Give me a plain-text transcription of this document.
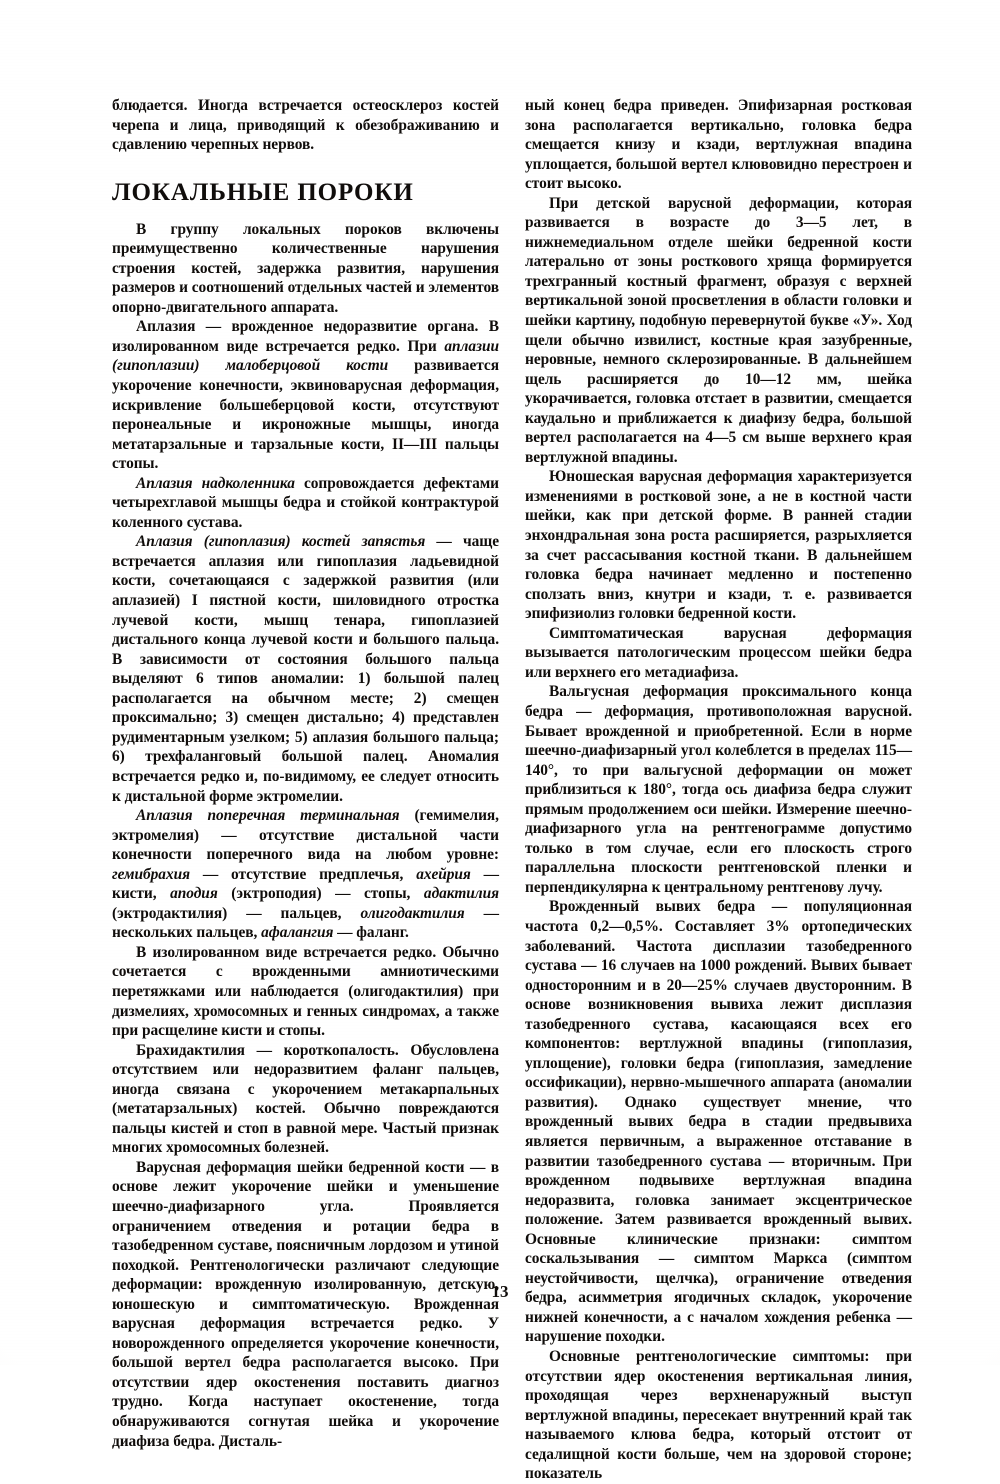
блюдается. Иногда встречается остеосклероз костей черепа и лица, приводящий к обезображиванию и сдавлению черепных нервов.

ЛОКАЛЬНЫЕ ПОРОКИ

В группу локальных пороков включены преимущественно количественные нарушения строения костей, задержка развития, нарушения размеров и соотношений отдельных частей и элементов опорно-двигательного аппарата.

Аплазия — врожденное недоразвитие органа. В изолированном виде встречается редко. При аплазии (гипоплазии) малоберцовой кости развивается укорочение конечности, эквиноварусная деформация, искривление большеберцовой кости, отсутствуют перонеальные и икроножные мышцы, иногда метатарзальные и тарзальные кости, II—III пальцы стопы.

Аплазия надколенника сопровождается дефектами четырехглавой мышцы бедра и стойкой контрактурой коленного сустава.

Аплазия (гипоплазия) костей запястья — чаще встречается аплазия или гипоплазия ладьевидной кости, сочетающаяся с задержкой развития (или аплазией) I пястной кости, шиловидного отростка лучевой кости, мышц тенара, гипоплазией дистального конца лучевой кости и большого пальца. В зависимости от состояния большого пальца выделяют 6 типов аномалии: 1) большой палец располагается на обычном месте; 2) смещен проксимально; 3) смещен дистально; 4) представлен рудиментарным узелком; 5) аплазия большого пальца; 6) трехфаланговый большой палец. Аномалия встречается редко и, по-видимому, ее следует относить к дистальной форме эктромелии.

Аплазия поперечная терминальная (гемимелия, эктромелия) — отсутствие дистальной части конечности поперечного вида на любом уровне: гемибрахия — отсутствие предплечья, ахейрия — кисти, аподия (эктроподия) — стопы, адактилия (эктродактилия) — пальцев, олигодактилия — нескольких пальцев, афалангия — фаланг.

В изолированном виде встречается редко. Обычно сочетается с врожденными амниотическими перетяжками или наблюдается (олигодактилия) при дизмелиях, хромосомных и генных синдромах, а также при расщелине кисти и стопы.

Брахидактилия — короткопалость. Обусловлена отсутствием или недоразвитием фаланг пальцев, иногда связана с укорочением метакарпальных (метатарзальных) костей. Обычно повреждаются пальцы кистей и стоп в равной мере. Частый признак многих хромосомных болезней.

Варусная деформация шейки бедренной кости — в основе лежит укорочение шейки и уменьшение шеечно-диафизарного угла. Проявляется ограничением отведения и ротации бедра в тазобедренном суставе, поясничным лордозом и утиной походкой. Рентгенологически различают следующие деформации: врожденную изолированную, детскую, юношескую и симптоматическую. Врожденная варусная деформация встречается редко. У новорожденного определяется укорочение конечности, большой вертел бедра располагается высоко. При отсутствии ядер окостенения поставить диагноз трудно. Когда наступает окостенение, тогда обнаруживаются согнутая шейка и укорочение диафиза бедра. Дисталь-

ный конец бедра приведен. Эпифизарная ростковая зона располагается вертикально, головка бедра смещается книзу и кзади, вертлужная впадина уплощается, большой вертел клювовидно перестроен и стоит высоко.

При детской варусной деформации, которая развивается в возрасте до 3—5 лет, в нижнемедиальном отделе шейки бедренной кости латерально от зоны росткового хряща формируется трехгранный костный фрагмент, образуя с верхней вертикальной зоной просветления в области головки и шейки картину, подобную перевернутой букве «У». Ход щели обычно извилист, костные края зазубренные, неровные, немного склерозированные. В дальнейшем щель расширяется до 10—12 мм, шейка укорачивается, головка отстает в развитии, смещается каудально и приближается к диафизу бедра, большой вертел располагается на 4—5 см выше верхнего края вертлужной впадины.

Юношеская варусная деформация характеризуется изменениями в ростковой зоне, а не в костной части шейки, как при детской форме. В ранней стадии энхондральная зона роста расширяется, разрыхляется за счет рассасывания костной ткани. В дальнейшем головка бедра начинает медленно и постепенно сползать вниз, кнутри и кзади, т. е. развивается эпифизиолиз головки бедренной кости.

Симптоматическая варусная деформация вызывается патологическим процессом шейки бедра или верхнего его метадиафиза.

Вальгусная деформация проксимального конца бедра — деформация, противоположная варусной. Бывает врожденной и приобретенной. Если в норме шеечно-диафизарный угол колеблется в пределах 115—140°, то при вальгусной деформации он может приблизиться к 180°, тогда ось диафиза бедра служит прямым продолжением оси шейки. Измерение шеечно-диафизарного угла на рентгенограмме допустимо только в том случае, если его плоскость строго параллельна плоскости рентгеновской пленки и перпендикулярна к центральному рентгенову лучу.

Врожденный вывих бедра — популяционная частота 0,2—0,5%. Составляет 3% ортопедических заболеваний. Частота дисплазии тазобедренного сустава — 16 случаев на 1000 рождений. Вывих бывает односторонним и в 20—25% случаев двусторонним. В основе возникновения вывиха лежит дисплазия тазобедренного сустава, касающаяся всех его компонентов: вертлужной впадины (гипоплазия, уплощение), головки бедра (гипоплазия, замедление оссификации), нервно-мышечного аппарата (аномалии развития). Однако существует мнение, что врожденный вывих бедра в стадии предвывиха является первичным, а выраженное отставание в развитии тазобедренного сустава — вторичным. При врожденном подвывихе вертлужная впадина недоразвита, головка занимает эксцентрическое положение. Затем развивается врожденный вывих. Основные клинические признаки: симптом соскальзывания — симптом Маркса (симптом неустойчивости, щелчка), ограничение отведения бедра, асимметрия ягодичных складок, укорочение нижней конечности, а с началом хождения ребенка — нарушение походки.

Основные рентгенологические симптомы: при отсутствии ядер окостенения вертикальная линия, проходящая через верхненаружный выступ вертлужной впадины, пересекает внутренний край так называемого клюва бедра, который отстоит от седалищной кости больше, чем на здоровой стороне; показатель

13
